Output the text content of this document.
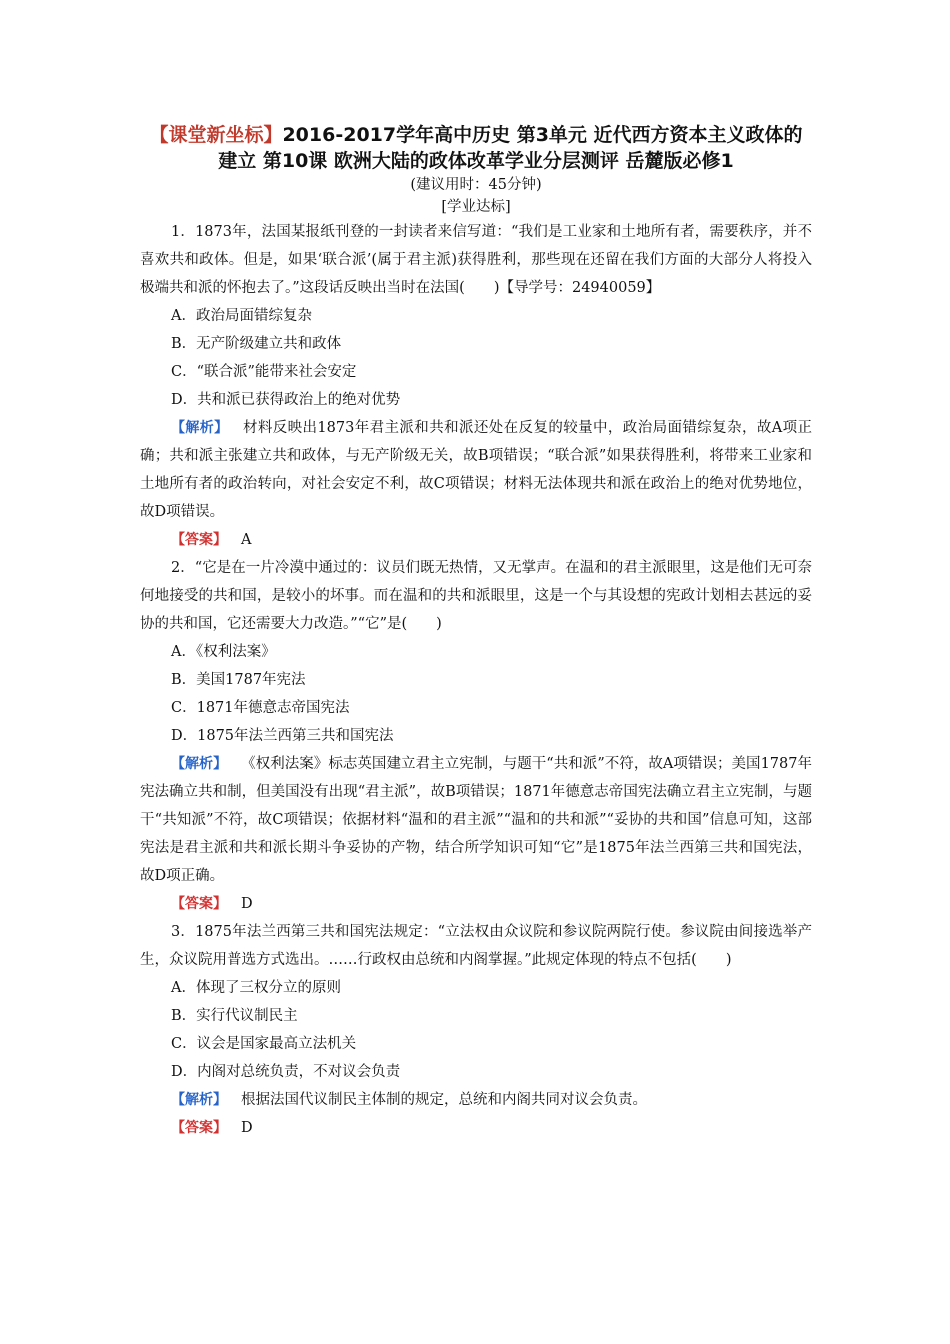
【课堂新坐标】2016-2017学年高中历史 第3单元 近代西方资本主义政体的建立 第10课 欧洲大陆的政体改革学业分层测评 岳麓版必修1

(建议用时：45分钟)

[学业达标]

1．1873年，法国某报纸刊登的一封读者来信写道：“我们是工业家和土地所有者，需要秩序，并不喜欢共和政体。但是，如果‘联合派’(属于君主派)获得胜利，那些现在还留在我们方面的大部分人将投入极端共和派的怀抱去了。”这段话反映出当时在法国(　　)【导学号：24940059】

A．政治局面错综复杂

B．无产阶级建立共和政体

C．“联合派”能带来社会安定

D．共和派已获得政治上的绝对优势

【解析】 材料反映出1873年君主派和共和派还处在反复的较量中，政治局面错综复杂，故A项正确；共和派主张建立共和政体，与无产阶级无关，故B项错误；“联合派”如果获得胜利，将带来工业家和土地所有者的政治转向，对社会安定不利，故C项错误；材料无法体现共和派在政治上的绝对优势地位，故D项错误。

【答案】 A

2．“它是在一片冷漠中通过的：议员们既无热情，又无掌声。在温和的君主派眼里，这是他们无可奈何地接受的共和国，是较小的坏事。而在温和的共和派眼里，这是一个与其设想的宪政计划相去甚远的妥协的共和国，它还需要大力改造。”“它”是(　　)

A．《权利法案》

B．美国1787年宪法

C．1871年德意志帝国宪法

D．1875年法兰西第三共和国宪法

【解析】 《权利法案》标志英国建立君主立宪制，与题干“共和派”不符，故A项错误；美国1787年宪法确立共和制，但美国没有出现“君主派”，故B项错误；1871年德意志帝国宪法确立君主立宪制，与题干“共知派”不符，故C项错误；依据材料“温和的君主派”“温和的共和派”“妥协的共和国”信息可知，这部宪法是君主派和共和派长期斗争妥协的产物，结合所学知识可知“它”是1875年法兰西第三共和国宪法，故D项正确。

【答案】 D

3．1875年法兰西第三共和国宪法规定：“立法权由众议院和参议院两院行使。参议院由间接选举产生，众议院用普选方式选出。……行政权由总统和内阁掌握。”此规定体现的特点不包括(　　)

A．体现了三权分立的原则

B．实行代议制民主

C．议会是国家最高立法机关

D．内阁对总统负责，不对议会负责

【解析】 根据法国代议制民主体制的规定，总统和内阁共同对议会负责。

【答案】 D
